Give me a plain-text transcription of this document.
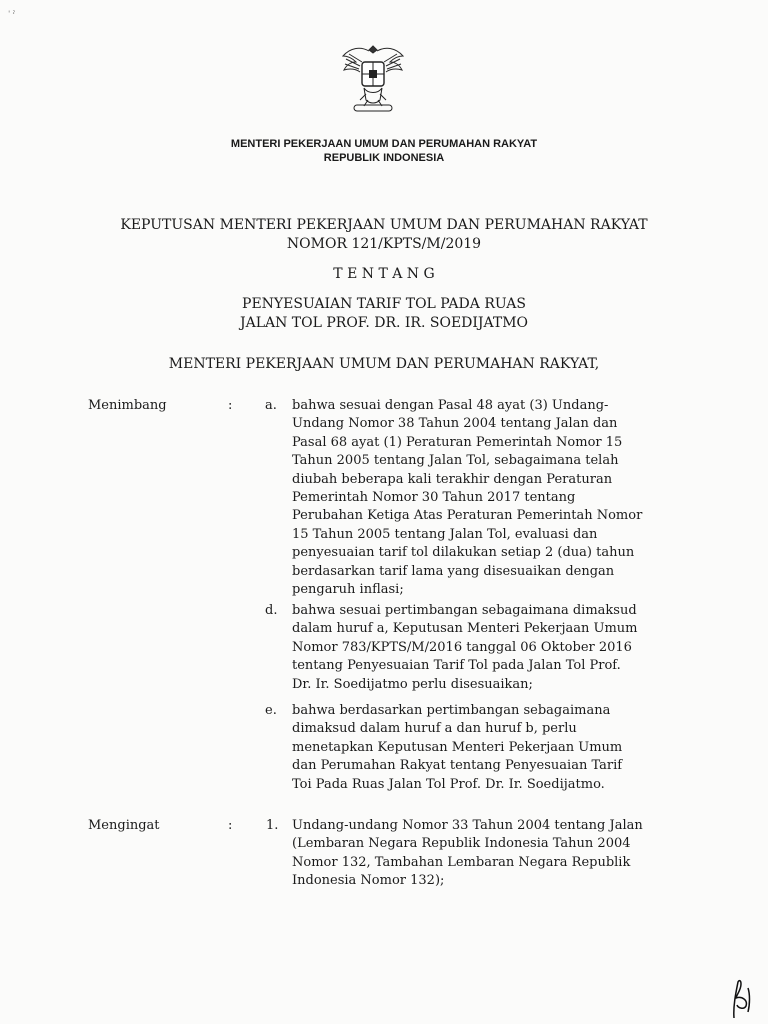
ˈ ˀ
MENTERI PEKERJAAN UMUM DAN PERUMAHAN RAKYAT
REPUBLIK INDONESIA
KEPUTUSAN MENTERI PEKERJAAN UMUM DAN PERUMAHAN RAKYAT
NOMOR 121/KPTS/M/2019
T E N T A N G
PENYESUAIAN TARIF TOL PADA RUAS
JALAN TOL PROF. DR. IR. SOEDIJATMO
MENTERI PEKERJAAN UMUM DAN PERUMAHAN RAKYAT,
Menimbang	:	a. bahwa sesuai dengan Pasal 48 ayat (3) Undang-
Undang Nomor 38 Tahun 2004 tentang Jalan dan
Pasal 68 ayat (1) Peraturan Pemerintah Nomor 15
Tahun 2005 tentang Jalan Tol, sebagaimana telah
diubah beberapa kali terakhir dengan Peraturan
Pemerintah Nomor 30 Tahun 2017 tentang
Perubahan Ketiga Atas Peraturan Pemerintah Nomor
15 Tahun 2005 tentang Jalan Tol, evaluasi dan
penyesuaian tarif tol dilakukan setiap 2 (dua) tahun
berdasarkan tarif lama yang disesuaikan dengan
pengaruh inflasi;
d. bahwa sesuai pertimbangan sebagaimana dimaksud
dalam huruf a, Keputusan Menteri Pekerjaan Umum
Nomor 783/KPTS/M/2016 tanggal 06 Oktober 2016
tentang Penyesuaian Tarif Tol pada Jalan Tol Prof.
Dr. Ir. Soedijatmo perlu disesuaikan;
e. bahwa berdasarkan pertimbangan sebagaimana
dimaksud dalam huruf a dan huruf b, perlu
menetapkan Keputusan Menteri Pekerjaan Umum
dan Perumahan Rakyat tentang Penyesuaian Tarif
Toi Pada Ruas Jalan Tol Prof. Dr. Ir. Soedijatmo.
Mengingat	:	1. Undang-undang Nomor 33 Tahun 2004 tentang Jalan
(Lembaran Negara Republik Indonesia Tahun 2004
Nomor 132, Tambahan Lembaran Negara Republik
Indonesia Nomor 132);
